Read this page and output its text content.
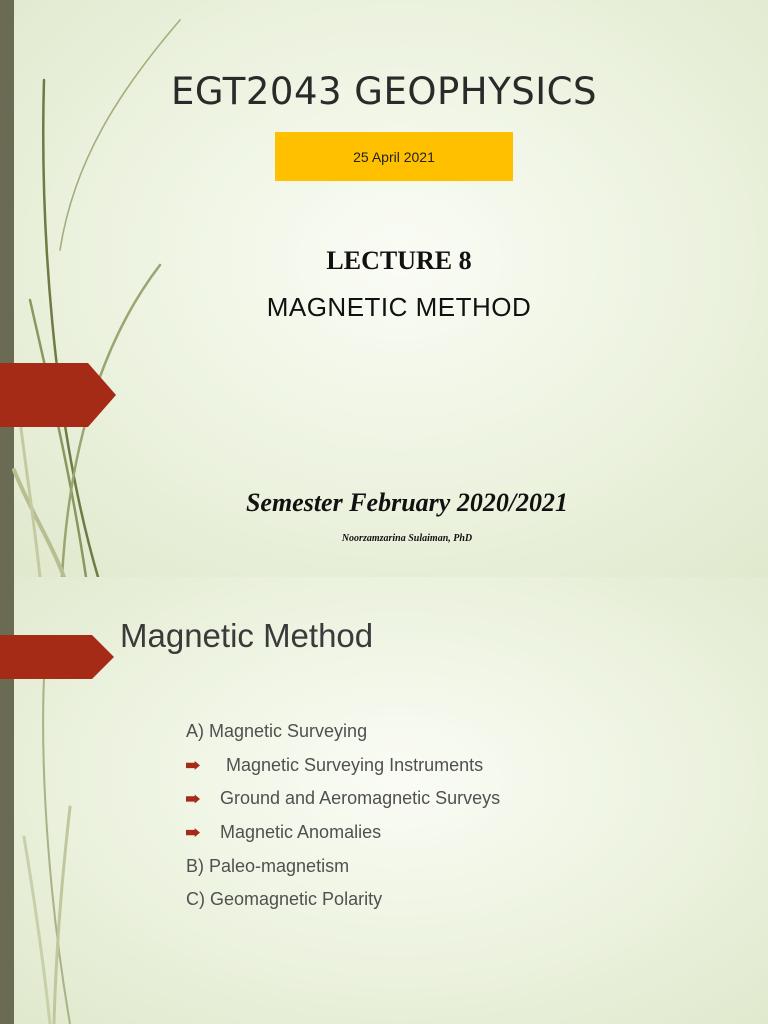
EGT2043 GEOPHYSICS
25 April 2021
LECTURE 8
MAGNETIC METHOD
Semester February 2020/2021
Noorzamzarina Sulaiman, PhD
Magnetic Method
A) Magnetic Surveying
Magnetic Surveying Instruments
Ground and Aeromagnetic Surveys
Magnetic Anomalies
B) Paleo-magnetism
C) Geomagnetic Polarity
